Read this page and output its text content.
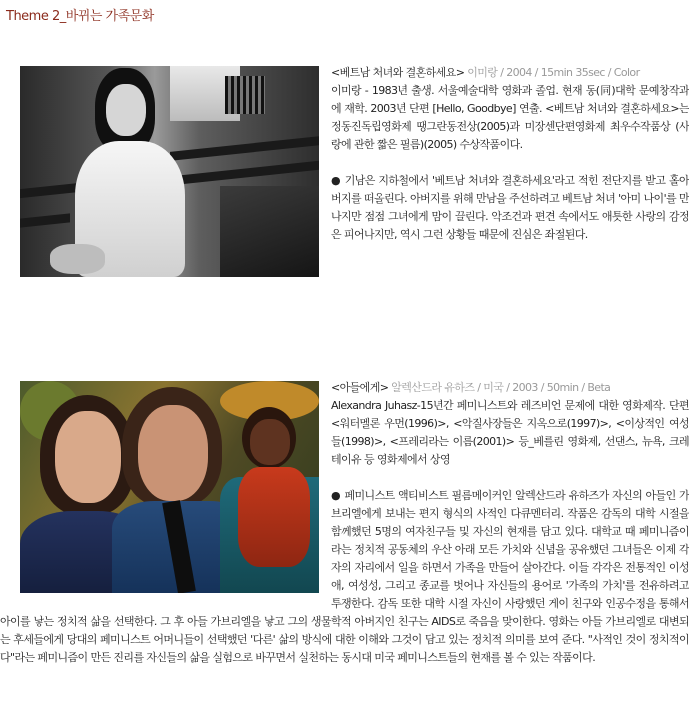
Theme 2_바뀌는 가족문화

<베트남 처녀와 결혼하세요> 이미랑 / 2004 / 15min 35sec / Color

이미랑 - 1983년 출생. 서울예술대학 영화과 졸업. 현재 동(同)대학 문예창작과에 재학. 2003년 단편 [Hello, Goodbye] 연출. <베트남 처녀와 결혼하세요>는 정동진독립영화제 땡그란동전상(2005)과 미장센단편영화제 최우수작품상 (사랑에 관한 짧은 필름)(2005) 수상작품이다.

● 기남은 지하철에서 '베트남 처녀와 결혼하세요'라고 적힌 전단지를 받고 홀아버지를 떠올린다. 아버지를 위해 만남을 주선하려고 베트남 처녀 '아미 나이'를 만나지만 점점 그녀에게 맘이 끌린다. 악조건과 편견 속에서도 애틋한 사랑의 감정은 피어나지만, 역시 그런 상황들 때문에 진심은 좌절된다.

<아들에게> 알렉산드라 유하즈 / 미국 / 2003 / 50min / Beta

Alexandra Juhasz-15년간 페미니스트와 레즈비언 문제에 대한 영화제작. 단편<워터멜론 우먼(1996)>, <악질사장들은 지옥으로(1997)>, <이상적인 여성들(1998)>, <프레리라는 이름(2001)> 등_베를린 영화제, 선댄스, 뉴욕, 크레테이유 등 영화제에서 상영

● 페미니스트 액티비스트 필름메이커인 알렉산드라 유하즈가 자신의 아들인 가브리엘에게 보내는 편지 형식의 사적인 다큐멘터리. 작품은 감독의 대학 시절을 함께했던 5명의 여자친구들 및 자신의 현재를 담고 있다. 대학교 때 페미니즘이라는 정치적 공동체의 우산 아래 모든 가치와 신념을 공유했던 그녀들은 이제 각자의 자리에서 일을 하면서 가족을 만들어 살아간다. 이들 각각은 전통적인 이성애, 여성성, 그리고 종교를 벗어나 자신들의 용어로 '가족의 가치'를 전유하려고 투쟁한다. 감독 또한 대학 시절 자신이 사랑했던 게이 친구와 인공수정을 통해서 아이를 낳는 정치적 삶을 선택한다. 그 후 아들 가브리엘을 낳고 그의 생물학적 아버지인 친구는 AIDS로 죽음을 맞이한다. 영화는 아들 가브리엘로 대변되는 후세들에게 당대의 페미니스트 어머니들이 선택했던 '다른' 삶의 방식에 대한 이해와 그것이 담고 있는 정치적 의미를 보여 준다. "사적인 것이 정치적이다"라는 페미니즘이 만든 진리를 자신들의 삶을 실험으로 바꾸면서 실천하는 동시대 미국 페미니스트들의 현재를 볼 수 있는 작품이다.
